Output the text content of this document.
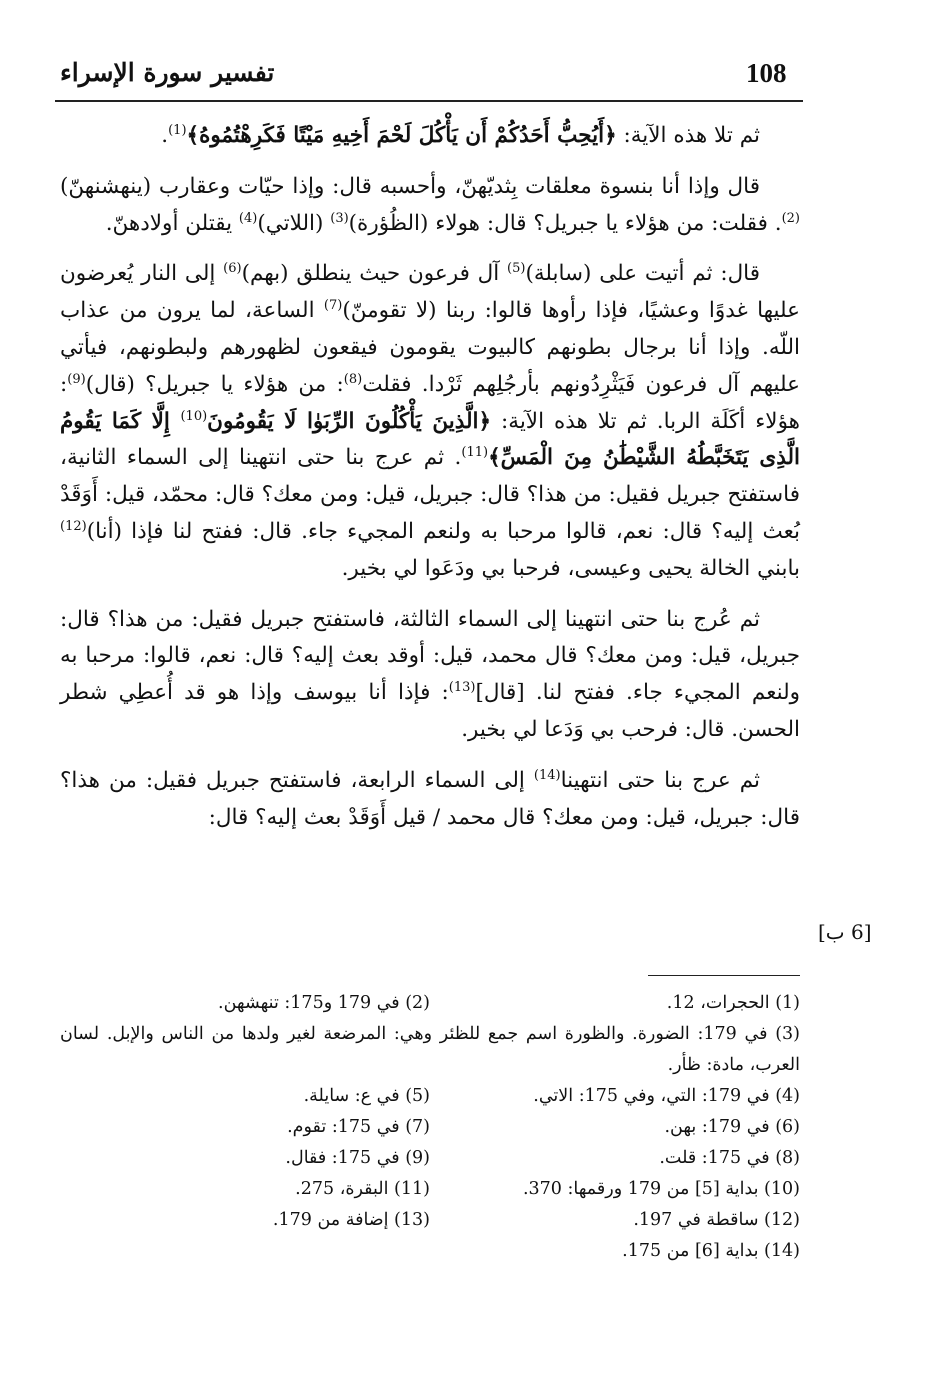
تفسير سورة الإسراء	108

ثم تلا هذه الآية: ﴿أَيُحِبُّ أَحَدُكُمْ أَن يَأْكُلَ لَحْمَ أَخِيهِ مَيْتًا فَكَرِهْتُمُوهُ﴾$^{(1)}$.

قال وإذا أنا بنسوة معلقات بِثديّهنّ، وأحسبه قال: وإذا حيّات وعقارب (ينهشنهنّ)$^{(2)}$. فقلت: من هؤلاء يا جبريل؟ قال: هولاء (الظُؤرة)$^{(3)}$ (اللاتي)$^{(4)}$ يقتلن أولادهنّ.

قال: ثم أتيت على (سابلة)$^{(5)}$ آل فرعون حيث ينطلق (بهم)$^{(6)}$ إلى النار يُعرضون عليها غدوًا وعشيًا، فإذا رأوها قالوا: ربنا (لا تقومنّ)$^{(7)}$ الساعة، لما يرون من عذاب اللّه. وإذا أنا برجال بطونهم كالبيوت يقومون فيقعون لظهورهم ولبطونهم، فيأتي عليهم آل فرعون فَيَثْرِدُونهم بأرجُلِهم ثَرْدا. فقلت$^{(8)}$: من هؤلاء يا جبريل؟ (قال)$^{(9)}$: هؤلاء أكَلَة الربا. ثم تلا هذه الآية: ﴿الَّذِينَ يَأْكُلُونَ الرِّبَوٰا لَا يَقُومُونَ$^{(10)}$ إِلَّا كَمَا يَقُومُ الَّذِى يَتَخَبَّطُهُ الشَّيْطَٰنُ مِنَ الْمَسِّ﴾$^{(11)}$. ثم عرج بنا حتى انتهينا إلى السماء الثانية، فاستفتح جبريل فقيل: من هذا؟ قال: جبريل، قيل: ومن معك؟ قال: محمّد، قيل: أَوَقَدْ بُعث إليه؟ قال: نعم، قالوا مرحبا به ولنعم المجيء جاء. قال: ففتح لنا فإذا (أنا)$^{(12)}$ بابني الخالة يحيى وعيسى، فرحبا بي ودَعَوا لي بخير.

ثم عُرج بنا حتى انتهينا إلى السماء الثالثة، فاستفتح جبريل فقيل: من هذا؟ قال: جبريل، قيل: ومن معك؟ قال محمد، قيل: أوقد بعث إليه؟ قال: نعم، قالوا: مرحبا به ولنعم المجيء جاء. ففتح لنا. [قال]$^{(13)}$: فإذا أنا بيوسف وإذا هو قد أُعطِي شطر الحسن. قال: فرحب بي وَدَعا لي بخير.

ثم عرج بنا حتى انتهينا$^{(14)}$ إلى السماء الرابعة، فاستفتح جبريل فقيل: من هذا؟ قال: جبريل، قيل: ومن معك؟ قال محمد / قيل أَوَقَدْ بعث إليه؟ قال:

[6 ب]
(1) الحجرات، 12.
(2) في 179 و175: تنهشهن.
(3) في 179: الضورة. والظورة اسم جمع للظئر وهي: المرضعة لغير ولدها من الناس والإبل. لسان العرب، مادة: ظأر.
(4) في 179: التي، وفي 175: الاتي.
(5) في ع: سايلة.
(6) في 179: بهن.
(7) في 175: تقوم.
(8) في 175: قلت.
(9) في 175: فقال.
(10) بداية [5] من 179 ورقمها: 370.
(11) البقرة، 275.
(12) ساقطة في 197.
(13) إضافة من 179.
(14) بداية [6] من 175.
